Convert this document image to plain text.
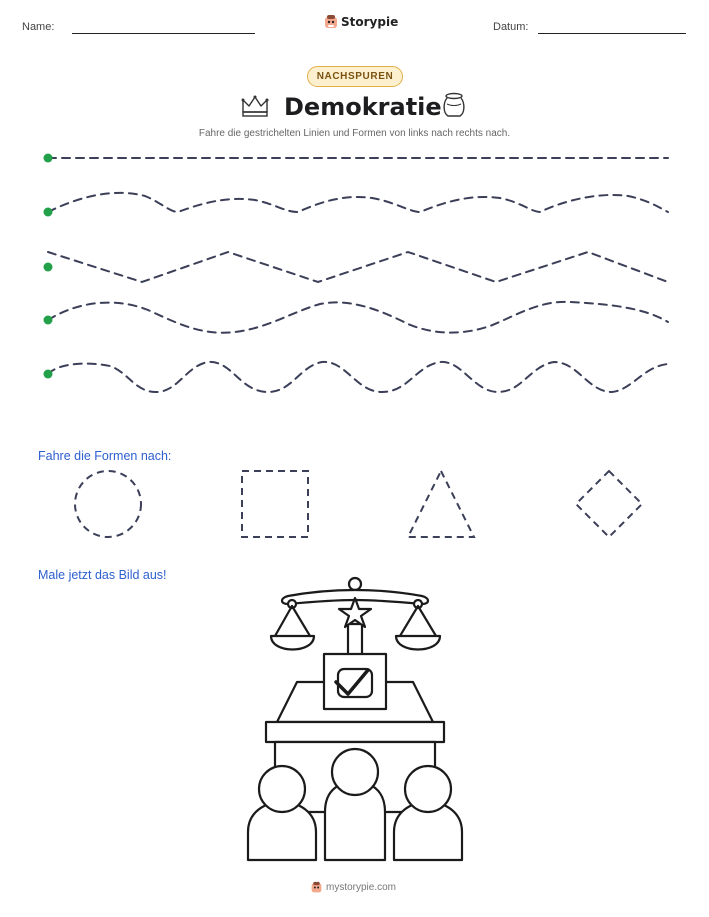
Name:	Storypie	Datum:
NACHSPUREN
Demokratie
Fahre die gestrichelten Linien und Formen von links nach rechts nach.
Fahre die Formen nach:
Male jetzt das Bild aus!
mystorypie.com
